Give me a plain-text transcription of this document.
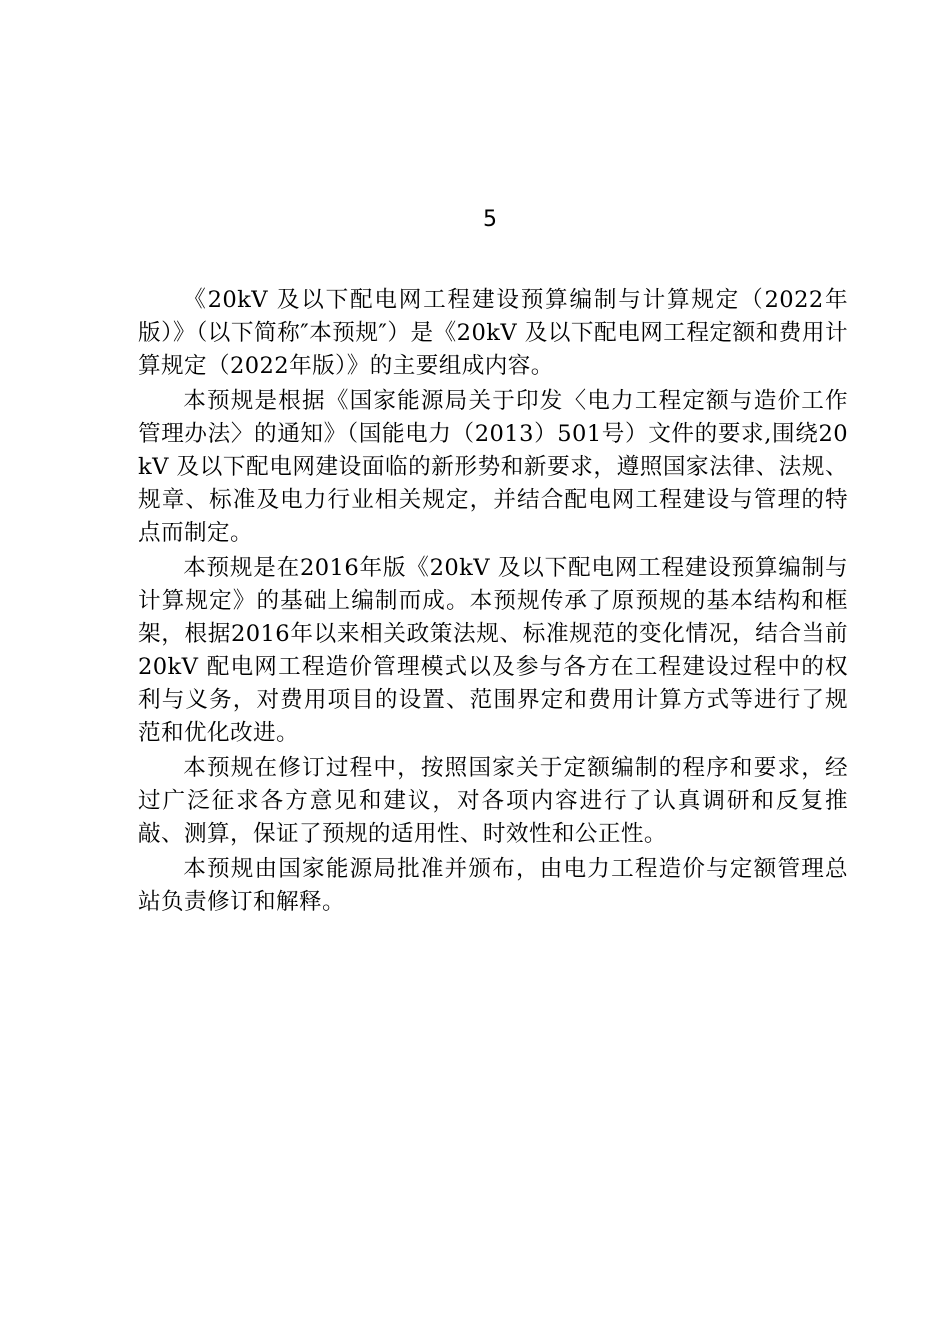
5

《20kV 及以下配电网工程建设预算编制与计算规定（2022年版）》（以下简称″本预规″）是《20kV 及以下配电网工程定额和费用计算规定（2022年版）》的主要组成内容。

本预规是根据《国家能源局关于印发〈电力工程定额与造价工作管理办法〉的通知》（国能电力（2013）501号）文件的要求,围绕20kV 及以下配电网建设面临的新形势和新要求，遵照国家法律、法规、规章、标准及电力行业相关规定，并结合配电网工程建设与管理的特点而制定。

本预规是在2016年版《20kV 及以下配电网工程建设预算编制与计算规定》的基础上编制而成。本预规传承了原预规的基本结构和框架，根据2016年以来相关政策法规、标准规范的变化情况，结合当前20kV 配电网工程造价管理模式以及参与各方在工程建设过程中的权利与义务，对费用项目的设置、范围界定和费用计算方式等进行了规范和优化改进。

本预规在修订过程中，按照国家关于定额编制的程序和要求，经过广泛征求各方意见和建议，对各项内容进行了认真调研和反复推敲、测算，保证了预规的适用性、时效性和公正性。

本预规由国家能源局批准并颁布，由电力工程造价与定额管理总站负责修订和解释。
